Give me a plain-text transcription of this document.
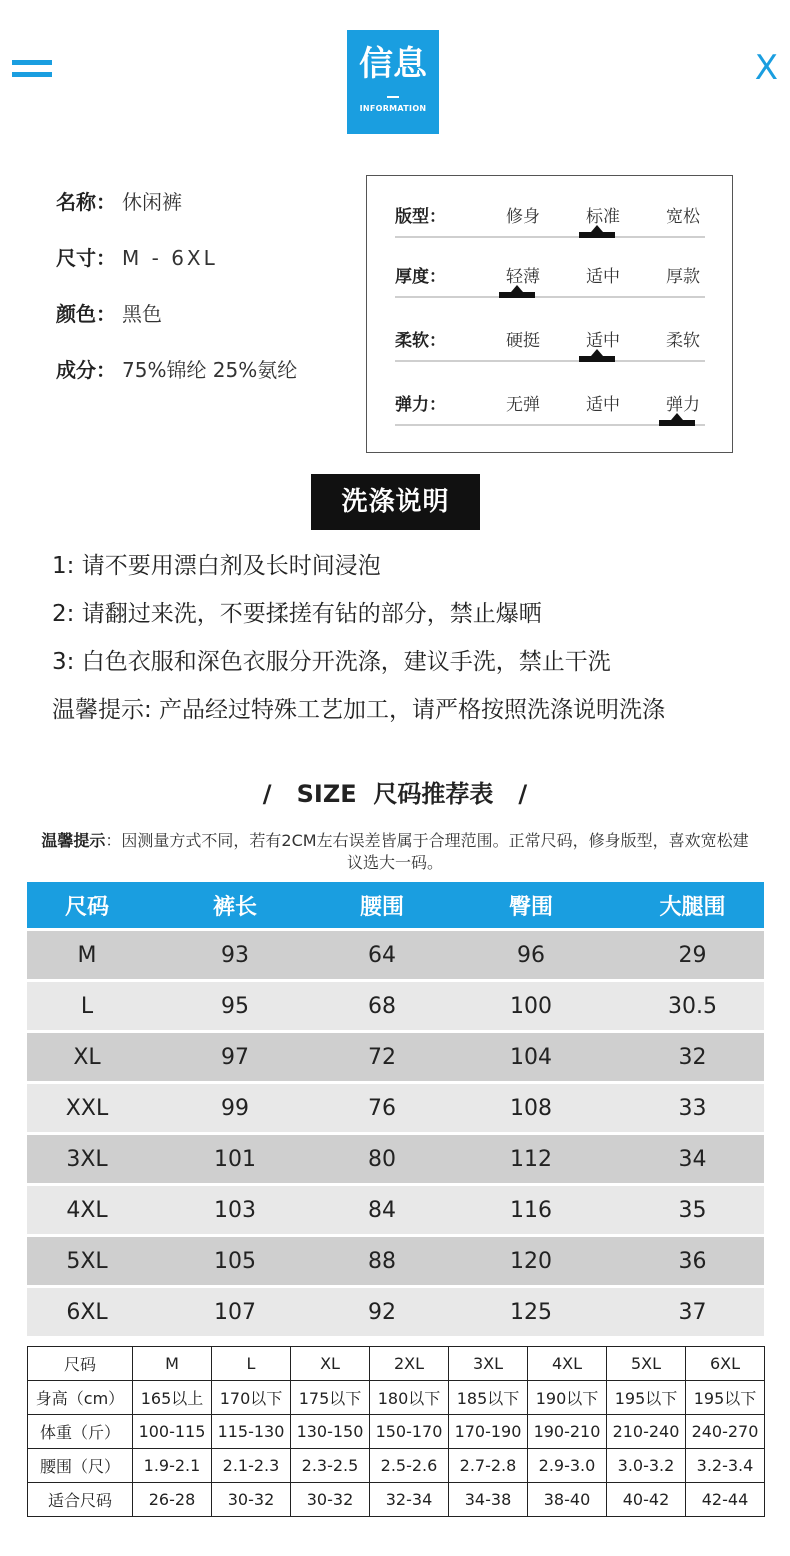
信息
INFORMATION
X
名称： 休闲裤
尺寸： M - 6XL
颜色： 黑色
成分： 75%锦纶 25%氨纶
版型：	修身	标准	宽松
厚度：	轻薄	适中	厚款
柔软：	硬挺	适中	柔软
弹力：	无弹	适中	弹力
洗涤说明
1: 请不要用漂白剂及长时间浸泡
2: 请翻过来洗，不要揉搓有钻的部分，禁止爆晒
3: 白色衣服和深色衣服分开洗涤，建议手洗，禁止干洗
温馨提示: 产品经过特殊工艺加工，请严格按照洗涤说明洗涤
/   SIZE  尺码推荐表   /
温馨提示：因测量方式不同，若有2CM左右误差皆属于合理范围。正常尺码，修身版型，喜欢宽松建议选大一码。
尺码	裤长	腰围	臀围	大腿围
M	93	64	96	29
L	95	68	100	30.5
XL	97	72	104	32
XXL	99	76	108	33
3XL	101	80	112	34
4XL	103	84	116	35
5XL	105	88	120	36
6XL	107	92	125	37
尺码	M	L	XL	2XL	3XL	4XL	5XL	6XL
身高（cm）	165以上	170以下	175以下	180以下	185以下	190以下	195以下	195以下
体重（斤）	100-115	115-130	130-150	150-170	170-190	190-210	210-240	240-270
腰围（尺）	1.9-2.1	2.1-2.3	2.3-2.5	2.5-2.6	2.7-2.8	2.9-3.0	3.0-3.2	3.2-3.4
适合尺码	26-28	30-32	30-32	32-34	34-38	38-40	40-42	42-44
